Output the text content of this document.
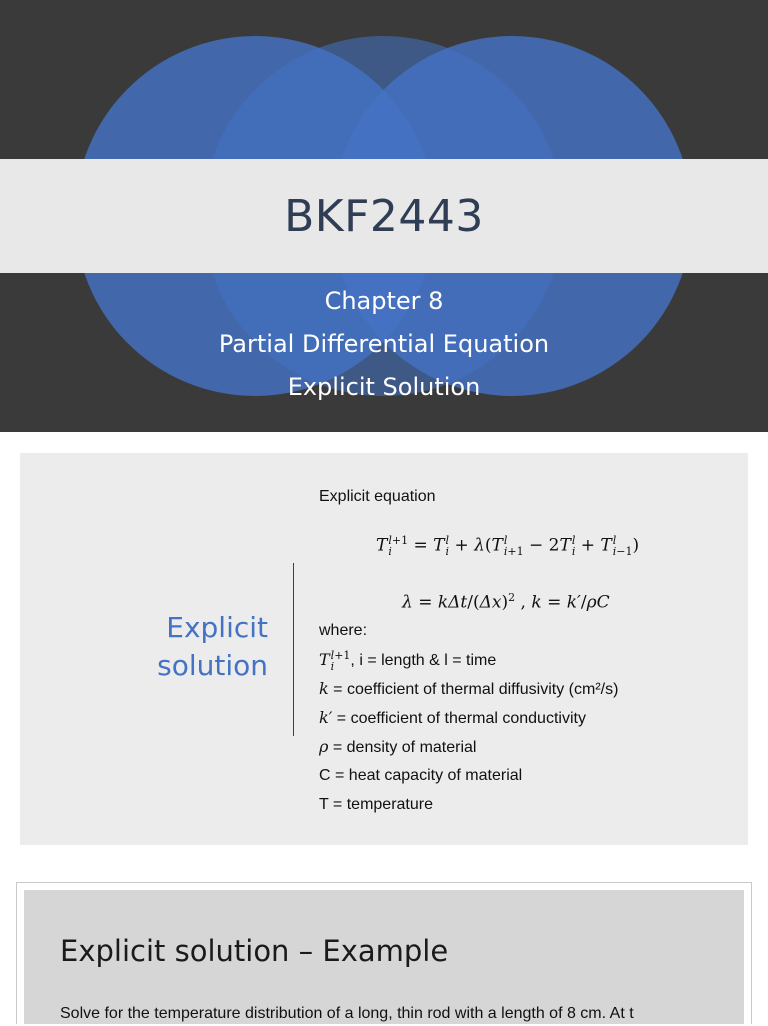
BKF2443
Chapter 8
Partial Differential Equation
Explicit Solution
Explicit
solution
Explicit equation
T l+1
i	= T l
i + λ(T l
i+1 − 2T l
i + T l
i−1 )
λ = kΔt/$(\Delta x)^2$ , k = k′/ρC
where:
T l+1
i	, i = length & l = time
k = coefficient of thermal diffusivity (cm²/s)
k′ = coefficient of thermal conductivity
ρ = density of material
C = heat capacity of material
T = temperature
Explicit solution – Example
Solve for the temperature distribution of a long, thin rod with a length of 8 cm. At t
